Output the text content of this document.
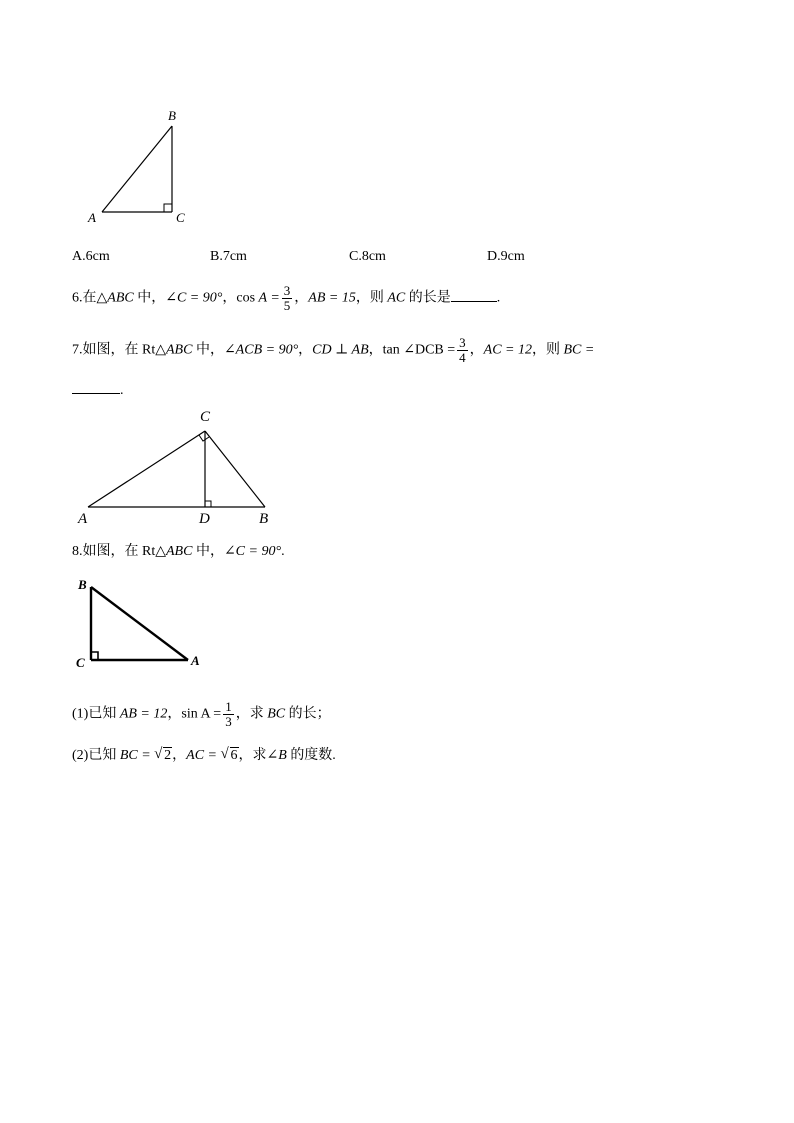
B
A	C
A.6cm	B.7cm	C.8cm	D.9cm
6.在△ABC 中，∠C = 90°，$\cos A = \frac{3}{5}$ ，AB = 15，则 AC 的长是	.
7.如图，在 Rt△ABC 中，∠ACB = 90°，CD ⊥ AB，tan ∠DCB = $\frac{3}{4}$ ，AC = 12，则 BC =
.
C
A	D	B
8.如图，在 Rt△ABC 中，∠C = 90°.
B
C	A
(1)已知 AB = 12，$\sin A = \frac{1}{3}$ ，求 BC 的长；
(2)已知 BC = √ 2，AC = √ 6，求∠B 的度数.
